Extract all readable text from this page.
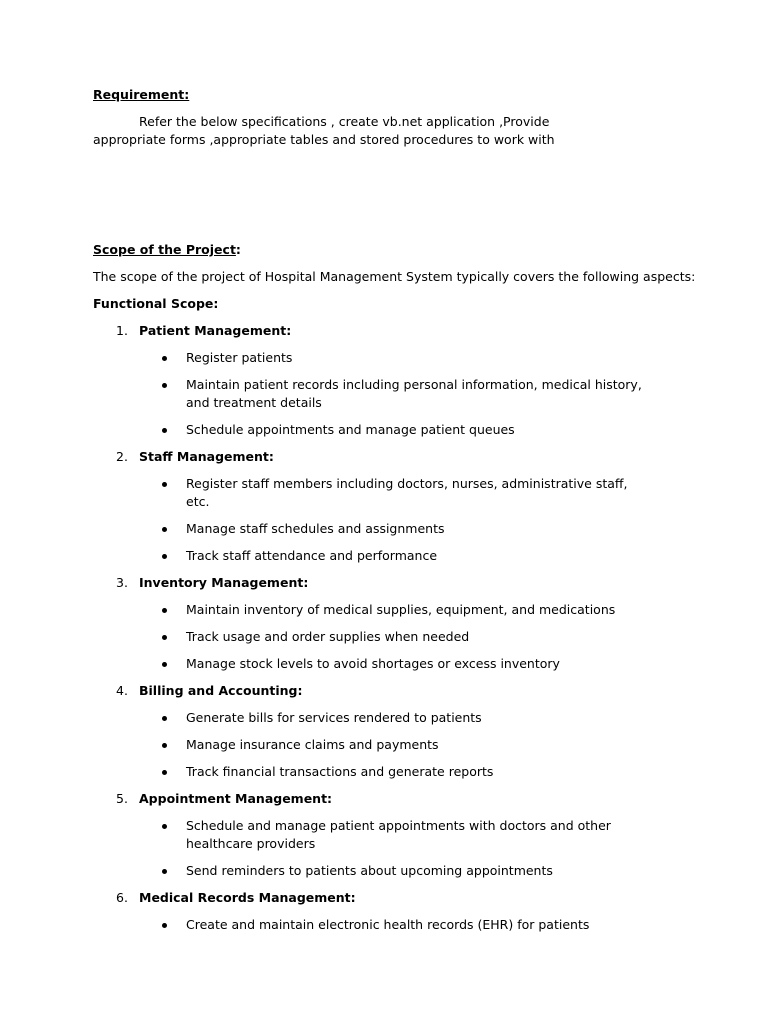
Requirement:

Refer the below specifications , create vb.net application ,Provide appropriate forms ,appropriate tables and stored procedures to work with

Scope of the Project:

The scope of the project of Hospital Management System typically covers the following aspects:

Functional Scope:

1. Patient Management:
Register patients
Maintain patient records including personal information, medical history, and treatment details
Schedule appointments and manage patient queues
2. Staff Management:
Register staff members including doctors, nurses, administrative staff, etc.
Manage staff schedules and assignments
Track staff attendance and performance
3. Inventory Management:
Maintain inventory of medical supplies, equipment, and medications
Track usage and order supplies when needed
Manage stock levels to avoid shortages or excess inventory
4. Billing and Accounting:
Generate bills for services rendered to patients
Manage insurance claims and payments
Track financial transactions and generate reports
5. Appointment Management:
Schedule and manage patient appointments with doctors and other healthcare providers
Send reminders to patients about upcoming appointments
6. Medical Records Management:
Create and maintain electronic health records (EHR) for patients
